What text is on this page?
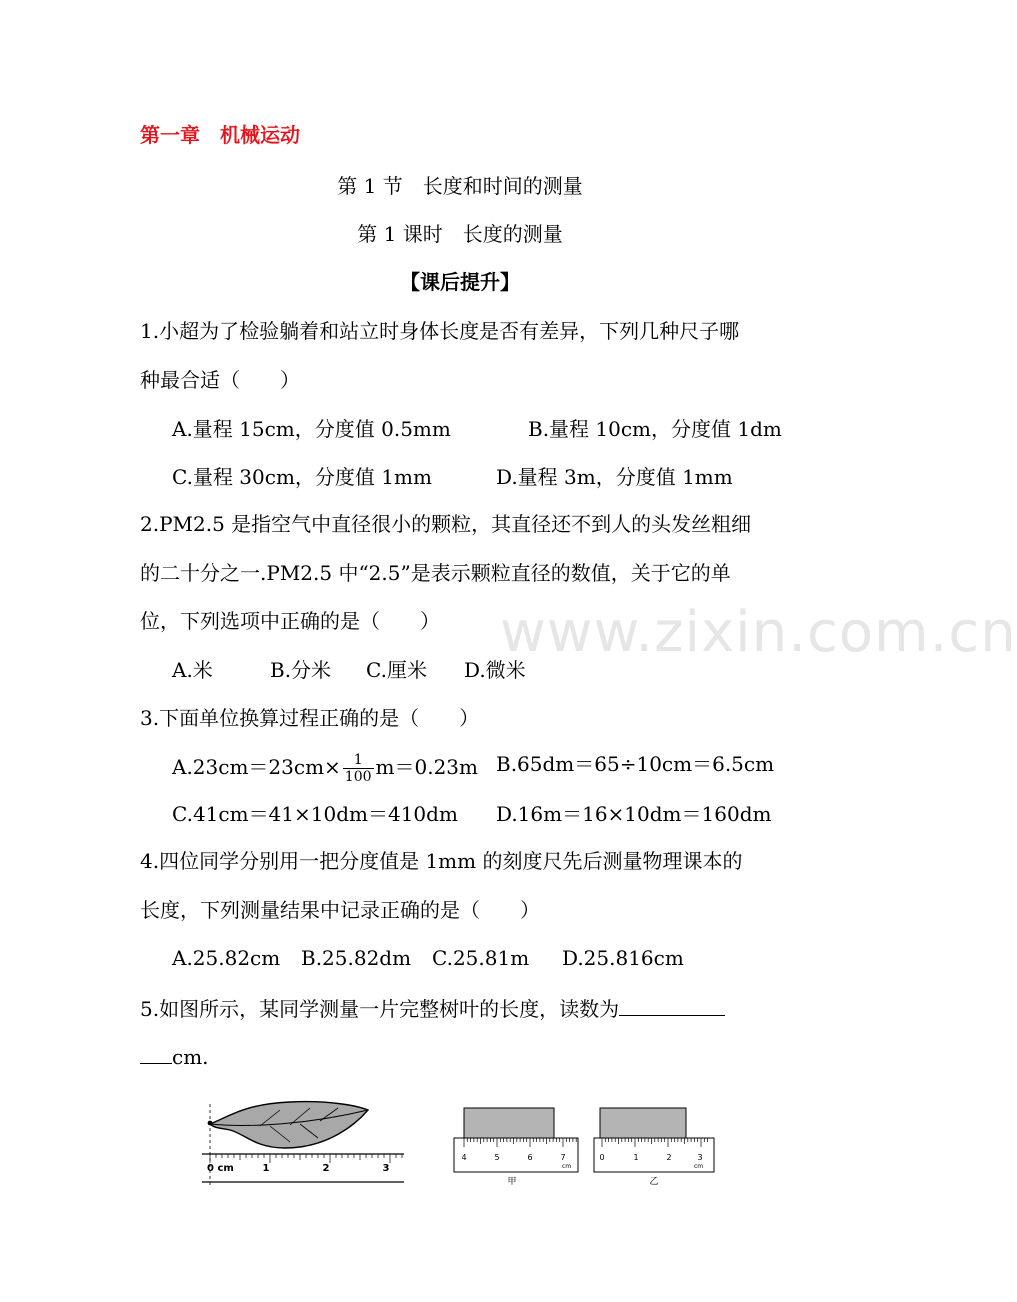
www.zixin.com.cn
第一章　机械运动
第 1 节　长度和时间的测量
第 1 课时　长度的测量
【课后提升】
1.小超为了检验躺着和站立时身体长度是否有差异，下列几种尺子哪
种最合适（　　）
A.量程 15cm，分度值 0.5mm	B.量程 10cm，分度值 1dm
C.量程 30cm，分度值 1mm	D.量程 3m，分度值 1mm
2.PM2.5 是指空气中直径很小的颗粒，其直径还不到人的头发丝粗细
的二十分之一.PM2.5 中“2.5”是表示颗粒直径的数值，关于它的单
位，下列选项中正确的是（　　）
A.米	B.分米 C.厘米 D.微米
3.下面单位换算过程正确的是（　　）
$A.23cm=23cm\times \frac{1}{100} m=0.23m$ B.65dm＝65÷10cm＝6.5cm
C.41cm＝41×10dm＝410dm D.16m＝16×10dm＝160dm
4.四位同学分别用一把分度值是 1mm 的刻度尺先后测量物理课本的
长度，下列测量结果中记录正确的是（　　）
A.25.82cm B.25.82dm C.25.81m D.25.816cm
5.如图所示，某同学测量一片完整树叶的长度，读数为
cm.
0 cm	1	2	3
4	5	6	7
cm
甲
0	1	2	3
cm
乙
